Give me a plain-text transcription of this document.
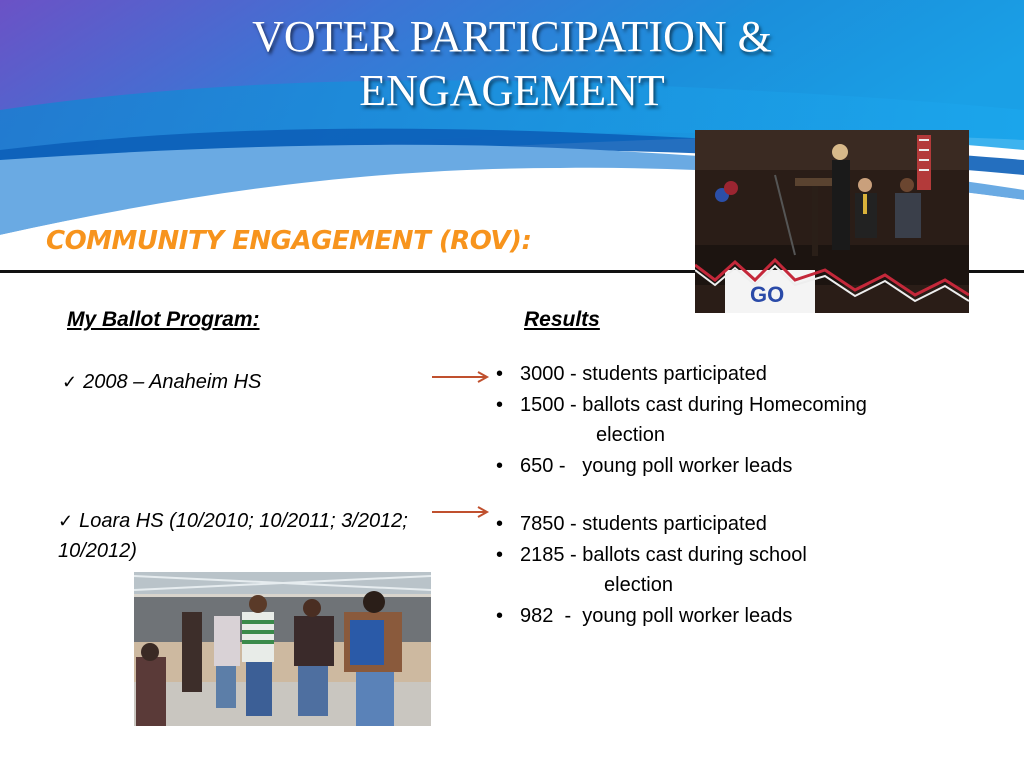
VOTER PARTICIPATION &
ENGAGEMENT
COMMUNITY ENGAGEMENT (ROV):
GO
My Ballot Program:	Results
✓ 2008 – Anaheim HS
✓ Loara HS (10/2010; 10/2011; 3/2012; 10/2012)
• 3000 - students participated
• 1500 - ballots cast during Homecoming
election
• 650 -   young poll worker leads
• 7850 - students participated
• 2185 - ballots cast during school
election
• 982  -  young poll worker leads
